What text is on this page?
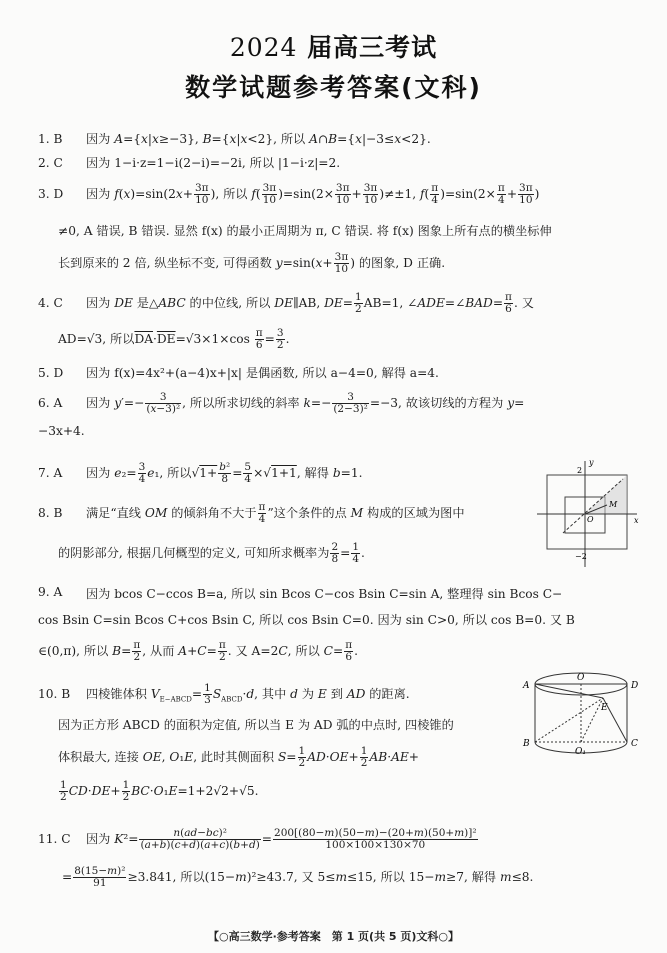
2024 届高三考试
数学试题参考答案(文科)
1. B 因为 A={x|x≥−3}, B={x|x<2}, 所以 A∩B={x|−3≤x<2}.
2. C 因为 1−i·z=1−i(2−i)=−2i, 所以 |1−i·z|=2.
3. D 因为 $f(x)=\sin(2x+ \frac{3\pi}{10}$ ), 所以 $f( \frac{3\pi}{10} )=\sin(2\times \frac{3\pi}{10} + \frac{3\pi}{10} )\ne\pm 1$, $f( \frac{\pi}{4} )=\sin(2\times \frac{\pi}{4} + \frac{3\pi}{10}$ )
≠0, A 错误, B 错误. 显然 f(x) 的最小正周期为 π, C 错误. 将 f(x) 图象上所有点的横坐标伸
长到原来的 2 倍, 纵坐标不变, 可得函数 $y=\sin(x+ \frac{3\pi}{10}$ ) 的图象, D 正确.
4. C 因为 DE 是△ABC 的中位线, 所以 DE∥AB, $DE= \frac{1}{2} AB=1$, ∠ADE=∠BAD= $\frac{\pi}{6}$ . 又
AD=√3, 所以$\overline{DA}\cdot\overline{DE}=√3\times 1\times\cos \frac{\pi}{6} = \frac{3}{2}$ .
5. D 因为 f(x)=4x²+(a−4)x+|x| 是偶函数, 所以 a−4=0, 解得 a=4.
6. A 因为 $y'=- \frac{3}{\text{(x−3)²}}$ , 所以所求切线的斜率 $k=- \frac{3}{\text{(2−3)²}} =-3$, 故该切线的方程为 y=
−3x+4.
7. A 因为 $e_2= \frac{3}{4} e_1$, 所以$√1+ \frac{\text{b²}}{8} = \frac{5}{4} \times√1+1$, 解得 b=1.
8. B 满足“直线 OM 的倾斜角不大于 $\frac{\pi}{4}$ ”这个条件的点 M 构成的区域为图中
的阴影部分, 根据几何概型的定义, 可知所求概率为 $\frac{2}{8} = \frac{1}{4}$ .
y
x
O
M
2
−2
因为 bcos C−ccos B=a, 所以 sin Bcos C−cos Bsin C=sin A, 整理得 sin Bcos C−
9. A
cos Bsin C=sin Bcos C+cos Bsin C, 所以 cos Bsin C=0. 因为 sin C>0, 所以 cos B=0. 又 B
∈(0,π), 所以 $B= \frac{\pi}{2}$ , 从而 $A+C= \frac{\pi}{2}$ . 又 A=2C, 所以 $C= \frac{\pi}{6}$ .
10. B 四棱锥体积 $V_{E-ABCD}= \frac{1}{3} S_{ABCD}\cdot d$, 其中 d 为 E 到 AD 的距离.
因为正方形 ABCD 的面积为定值, 所以当 E 为 AD 弧的中点时, 四棱锥的
体积最大, 连接 OE, O₁E, 此时其侧面积 $S= \frac{1}{2} AD\cdot OE+ \frac{1}{2} AB\cdot AE+$
$\frac{1}{2} CD\cdot DE+ \frac{1}{2} BC\cdot O_1E=1+2√2+√5$.
A	D
B	C
O
O₁
E
11. C 因为 $K^2= \frac{\text{n(ad−bc)²}}{(a+b)(c+d)(a+c)(b+d)} = \frac{\text{200[(80−m)(50−m)−(20+m)(50+m)]²}}{100\times 100\times 130\times 70}$
= $\frac{\text{8(15−m)²}}{91} \ge 3.841$, 所以(15−m)²≥43.7, 又 5≤m≤15, 所以 15−m≥7, 解得 m≤8.
【○高三数学·参考答案　第 1 页(共 5 页)文科○】
